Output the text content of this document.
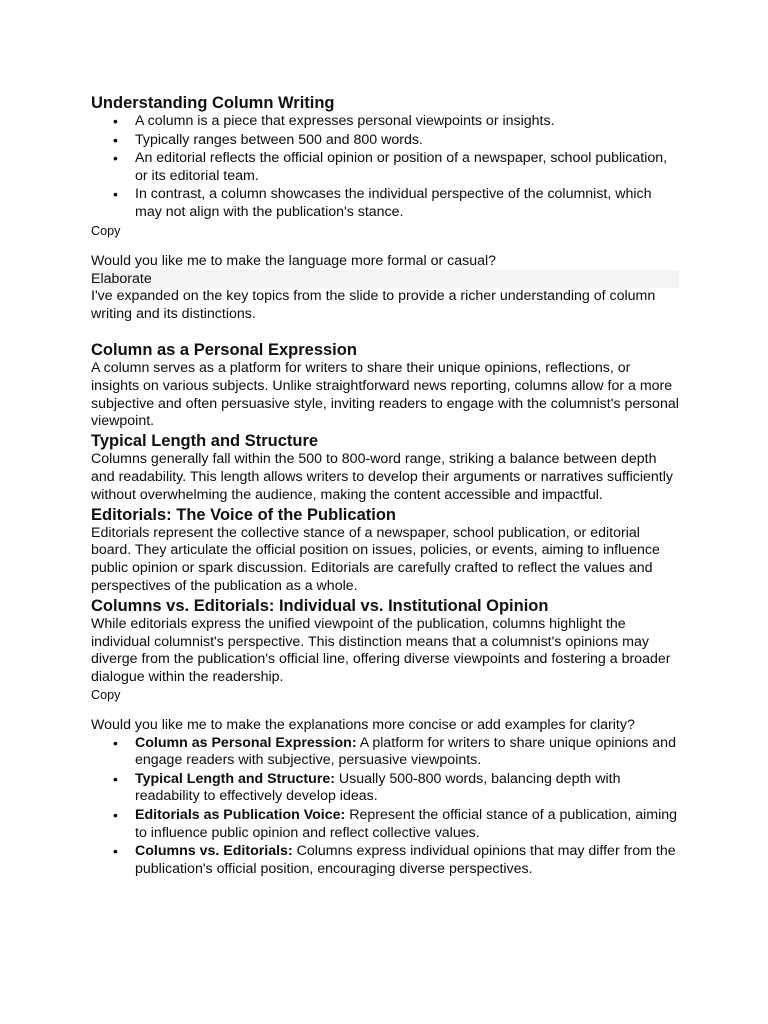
Understanding Column Writing
• A column is a piece that expresses personal viewpoints or insights.
• Typically ranges between 500 and 800 words.
• An editorial reflects the official opinion or position of a newspaper, school publication, or its editorial team.
• In contrast, a column showcases the individual perspective of the columnist, which may not align with the publication's stance.
Copy

Would you like me to make the language more formal or casual?

Elaborate

I've expanded on the key topics from the slide to provide a richer understanding of column writing and its distinctions.

Column as a Personal Expression

A column serves as a platform for writers to share their unique opinions, reflections, or insights on various subjects. Unlike straightforward news reporting, columns allow for a more subjective and often persuasive style, inviting readers to engage with the columnist's personal viewpoint.

Typical Length and Structure

Columns generally fall within the 500 to 800-word range, striking a balance between depth and readability. This length allows writers to develop their arguments or narratives sufficiently without overwhelming the audience, making the content accessible and impactful.

Editorials: The Voice of the Publication

Editorials represent the collective stance of a newspaper, school publication, or editorial board. They articulate the official position on issues, policies, or events, aiming to influence public opinion or spark discussion. Editorials are carefully crafted to reflect the values and perspectives of the publication as a whole.

Columns vs. Editorials: Individual vs. Institutional Opinion

While editorials express the unified viewpoint of the publication, columns highlight the individual columnist's perspective. This distinction means that a columnist's opinions may diverge from the publication's official line, offering diverse viewpoints and fostering a broader dialogue within the readership.

Copy

Would you like me to make the explanations more concise or add examples for clarity?

• Column as Personal Expression: A platform for writers to share unique opinions and engage readers with subjective, persuasive viewpoints.
• Typical Length and Structure: Usually 500-800 words, balancing depth with readability to effectively develop ideas.
• Editorials as Publication Voice: Represent the official stance of a publication, aiming to influence public opinion and reflect collective values.
• Columns vs. Editorials: Columns express individual opinions that may differ from the publication's official position, encouraging diverse perspectives.
